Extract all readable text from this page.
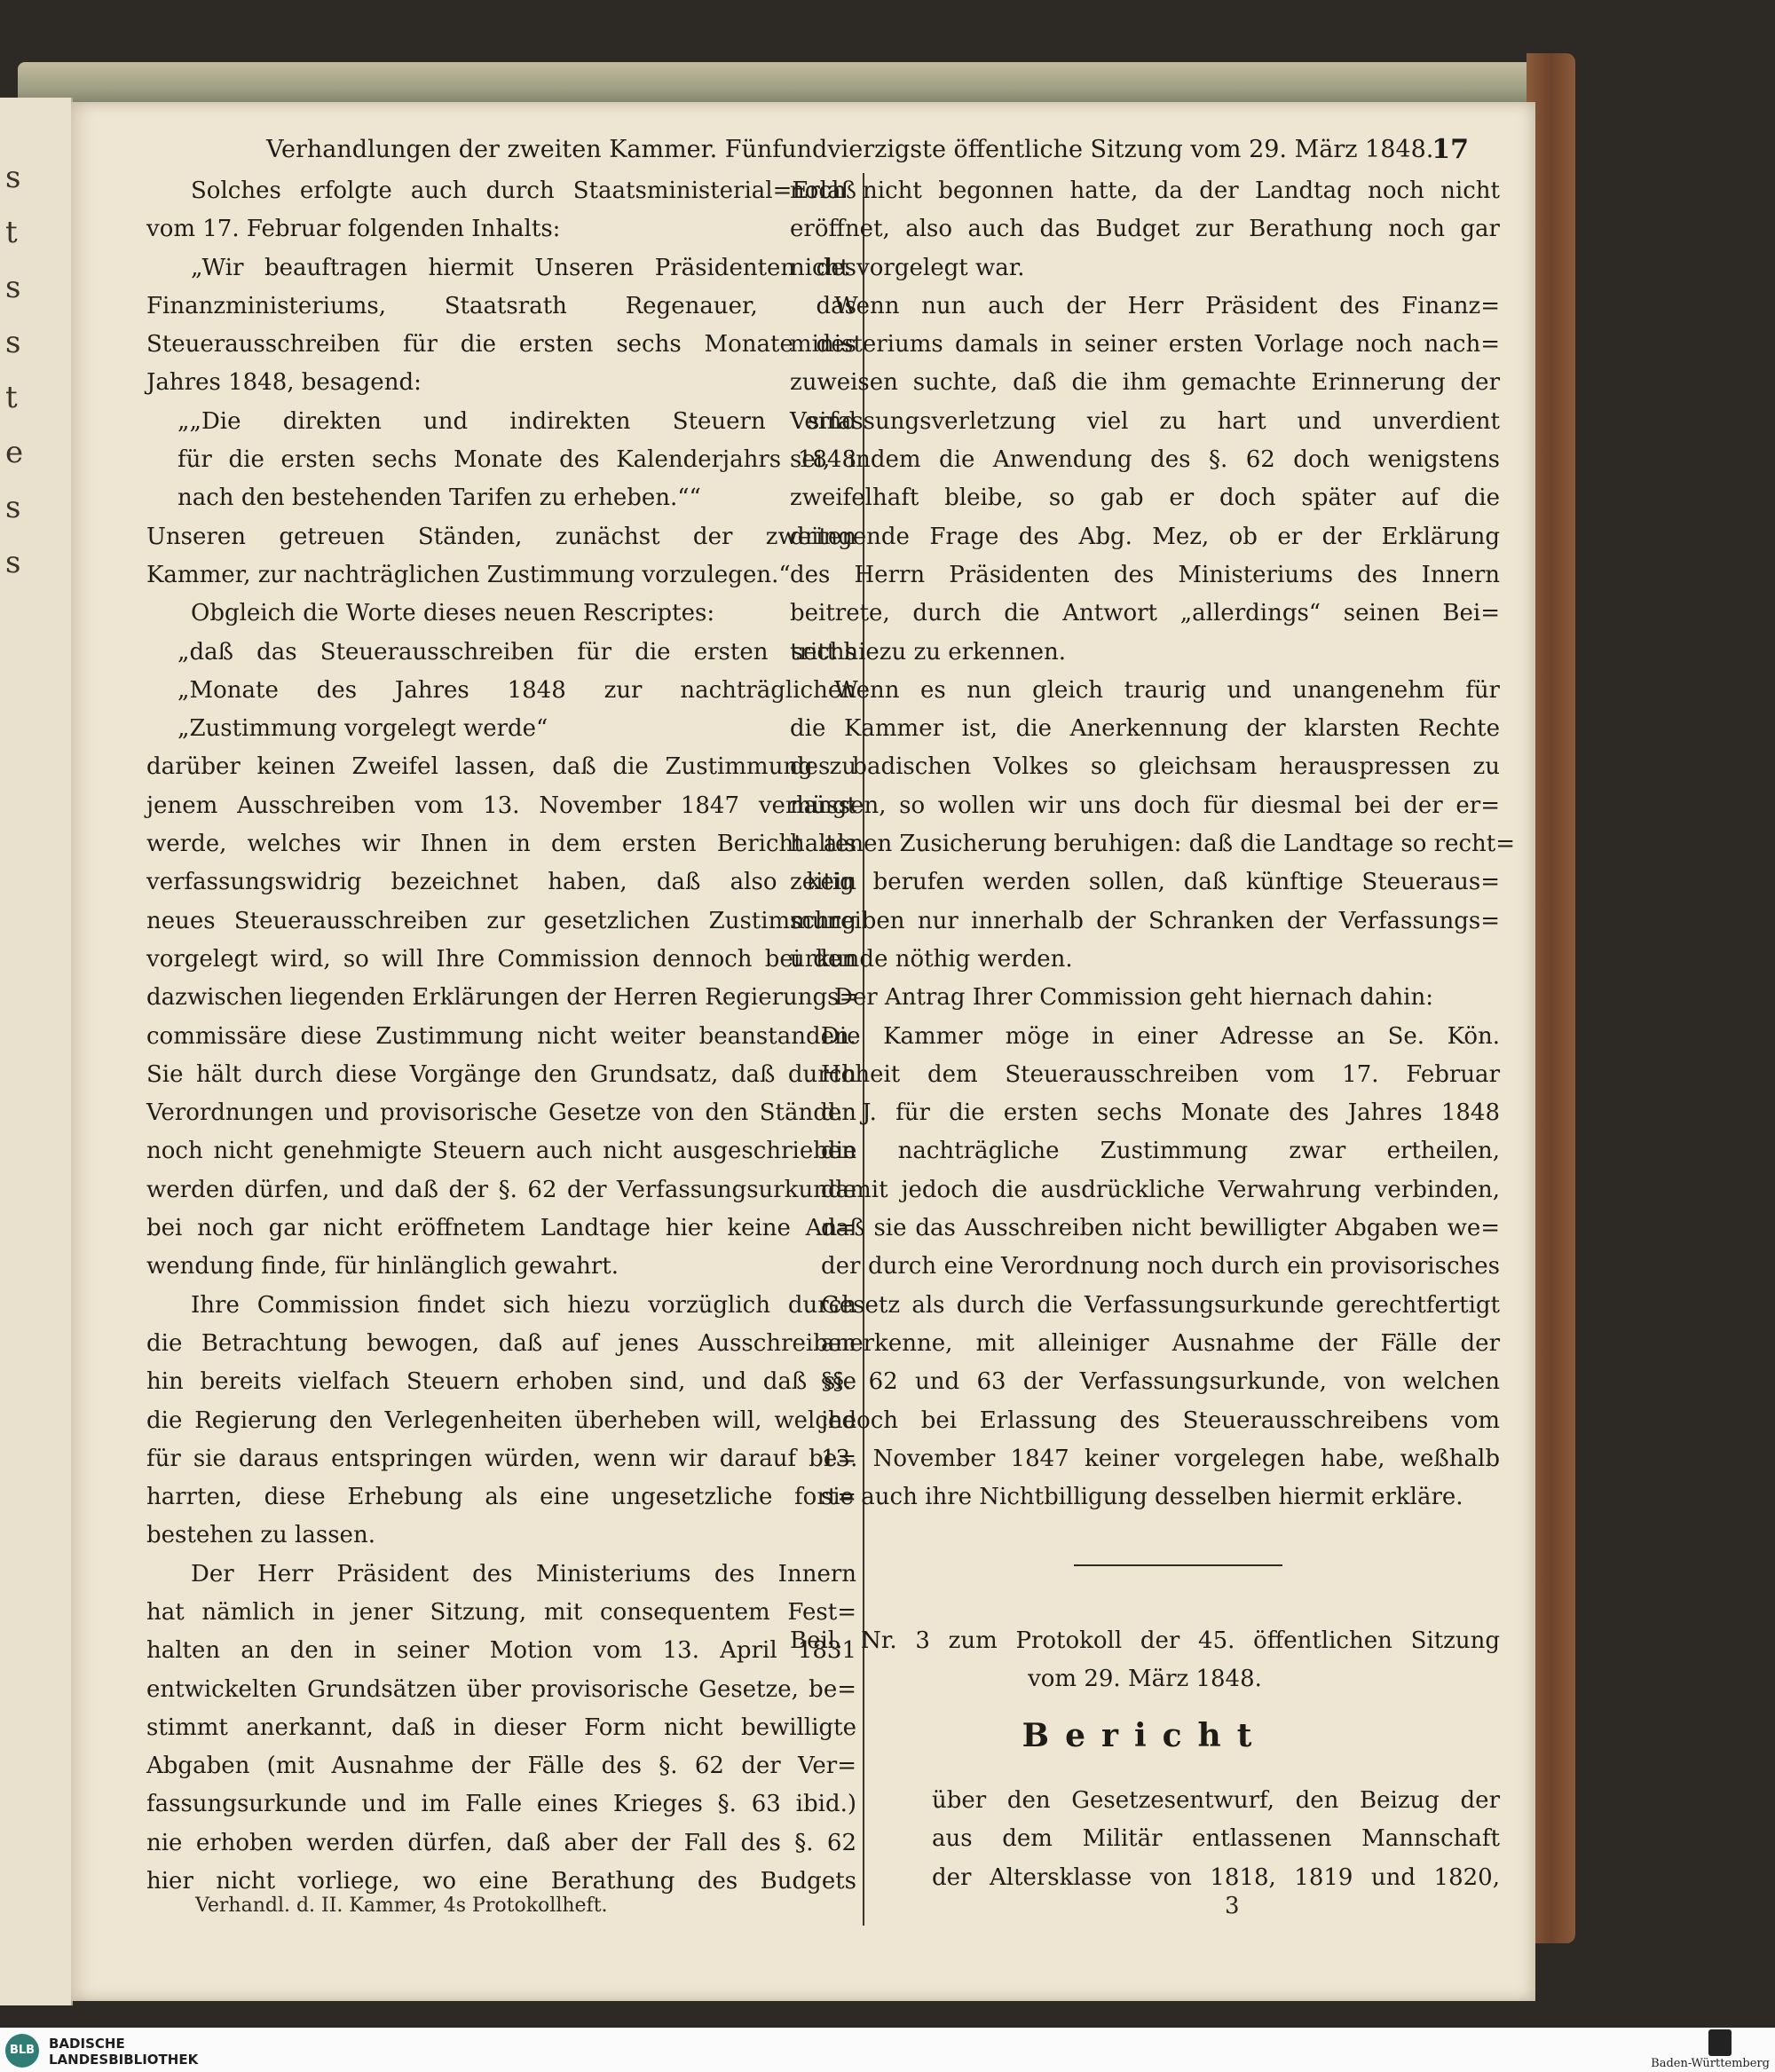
s
t
s
s
t
e
s
s
Verhandlungen der zweiten Kammer. Fünfundvierzigste öffentliche Sitzung vom 29. März 1848.
17

Solches erfolgte auch durch Staatsministerial=Erlaß

vom 17. Februar folgenden Inhalts:

„Wir beauftragen hiermit Unseren Präsidenten des

Finanzministeriums, Staatsrath Regenauer, das

Steuerausschreiben für die ersten sechs Monate des

Jahres 1848, besagend:

„„Die direkten und indirekten Steuern sind

für die ersten sechs Monate des Kalenderjahrs 1848

nach den bestehenden Tarifen zu erheben.““

Unseren getreuen Ständen, zunächst der zweiten

Kammer, zur nachträglichen Zustimmung vorzulegen.“

Obgleich die Worte dieses neuen Rescriptes:

„daß das Steuerausschreiben für die ersten sechs

„Monate des Jahres 1848 zur nachträglichen

„Zustimmung vorgelegt werde“

darüber keinen Zweifel lassen, daß die Zustimmung zu

jenem Ausschreiben vom 13. November 1847 verlangt

werde, welches wir Ihnen in dem ersten Bericht als

verfassungswidrig bezeichnet haben, daß also kein

neues Steuerausschreiben zur gesetzlichen Zustimmung

vorgelegt wird, so will Ihre Commission dennoch bei den

dazwischen liegenden Erklärungen der Herren Regierungs=

commissäre diese Zustimmung nicht weiter beanstanden.

Sie hält durch diese Vorgänge den Grundsatz, daß durch

Verordnungen und provisorische Gesetze von den Ständen

noch nicht genehmigte Steuern auch nicht ausgeschrieben

werden dürfen, und daß der §. 62 der Verfassungsurkunde

bei noch gar nicht eröffnetem Landtage hier keine An=

wendung finde, für hinlänglich gewahrt.

Ihre Commission findet sich hiezu vorzüglich durch

die Betrachtung bewogen, daß auf jenes Ausschreiben

hin bereits vielfach Steuern erhoben sind, und daß sie

die Regierung den Verlegenheiten überheben will, welche

für sie daraus entspringen würden, wenn wir darauf be=

harrten, diese Erhebung als eine ungesetzliche fort=

bestehen zu lassen.

Der Herr Präsident des Ministeriums des Innern

hat nämlich in jener Sitzung, mit consequentem Fest=

halten an den in seiner Motion vom 13. April 1831

entwickelten Grundsätzen über provisorische Gesetze, be=

stimmt anerkannt, daß in dieser Form nicht bewilligte

Abgaben (mit Ausnahme der Fälle des §. 62 der Ver=

fassungsurkunde und im Falle eines Krieges §. 63 ibid.)

nie erhoben werden dürfen, daß aber der Fall des §. 62

hier nicht vorliege, wo eine Berathung des Budgets

noch nicht begonnen hatte, da der Landtag noch nicht

eröffnet, also auch das Budget zur Berathung noch gar

nicht vorgelegt war.

Wenn nun auch der Herr Präsident des Finanz=

ministeriums damals in seiner ersten Vorlage noch nach=

zuweisen suchte, daß die ihm gemachte Erinnerung der

Verfassungsverletzung viel zu hart und unverdient

sei, indem die Anwendung des §. 62 doch wenigstens

zweifelhaft bleibe, so gab er doch später auf die

dringende Frage des Abg. Mez, ob er der Erklärung

des Herrn Präsidenten des Ministeriums des Innern

beitrete, durch die Antwort „allerdings“ seinen Bei=

tritt hiezu zu erkennen.

Wenn es nun gleich traurig und unangenehm für

die Kammer ist, die Anerkennung der klarsten Rechte

des badischen Volkes so gleichsam herauspressen zu

müssen, so wollen wir uns doch für diesmal bei der er=

haltenen Zusicherung beruhigen: daß die Landtage so recht=

zeitig berufen werden sollen, daß künftige Steueraus=

schreiben nur innerhalb der Schranken der Verfassungs=

urkunde nöthig werden.

Der Antrag Ihrer Commission geht hiernach dahin:

Die Kammer möge in einer Adresse an Se. Kön.

Hoheit dem Steuerausschreiben vom 17. Februar

d. J. für die ersten sechs Monate des Jahres 1848

die nachträgliche Zustimmung zwar ertheilen,

damit jedoch die ausdrückliche Verwahrung verbinden,

daß sie das Ausschreiben nicht bewilligter Abgaben we=

der durch eine Verordnung noch durch ein provisorisches

Gesetz als durch die Verfassungsurkunde gerechtfertigt

anerkenne, mit alleiniger Ausnahme der Fälle der

§§. 62 und 63 der Verfassungsurkunde, von welchen

jedoch bei Erlassung des Steuerausschreibens vom

13. November 1847 keiner vorgelegen habe, weßhalb

sie auch ihre Nichtbilligung desselben hiermit erkläre.

Beil. Nr. 3 zum Protokoll der 45. öffentlichen Sitzung
vom 29. März 1848.
Bericht

über den Gesetzesentwurf, den Beizug der

aus dem Militär entlassenen Mannschaft

der Altersklasse von 1818, 1819 und 1820,

Verhandl. d. II. Kammer, 4s Protokollheft.	3
BLB	BADISCHE
LANDESBIBLIOTHEK	Baden-Württemberg
